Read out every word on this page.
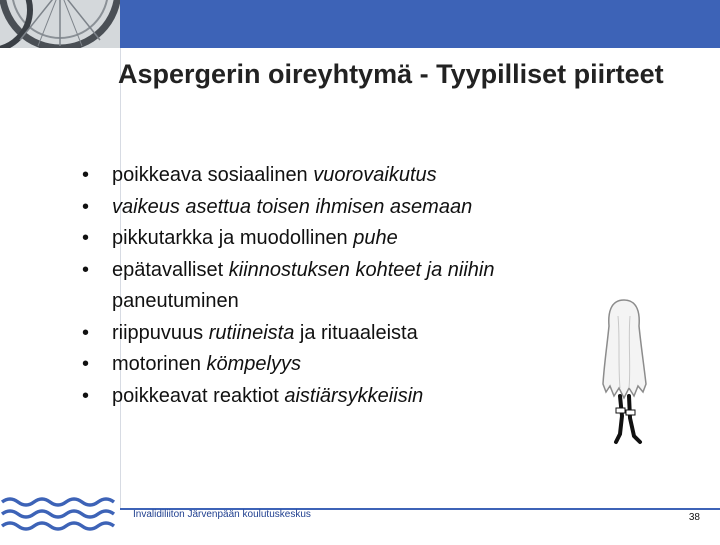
Aspergerin oireyhtymä - Tyypilliset piirteet
• poikkeava sosiaalinen vuorovaikutus
• vaikeus asettua toisen ihmisen asemaan
• pikkutarkka ja muodollinen puhe
• epätavalliset kiinnostuksen kohteet ja niihin paneutuminen
• riippuvuus rutiineista ja rituaaleista
• motorinen kömpelyys
• poikkeavat reaktiot aistiärsykkeiisin
Invalidiliiton Järvenpään koulutuskeskus	38
